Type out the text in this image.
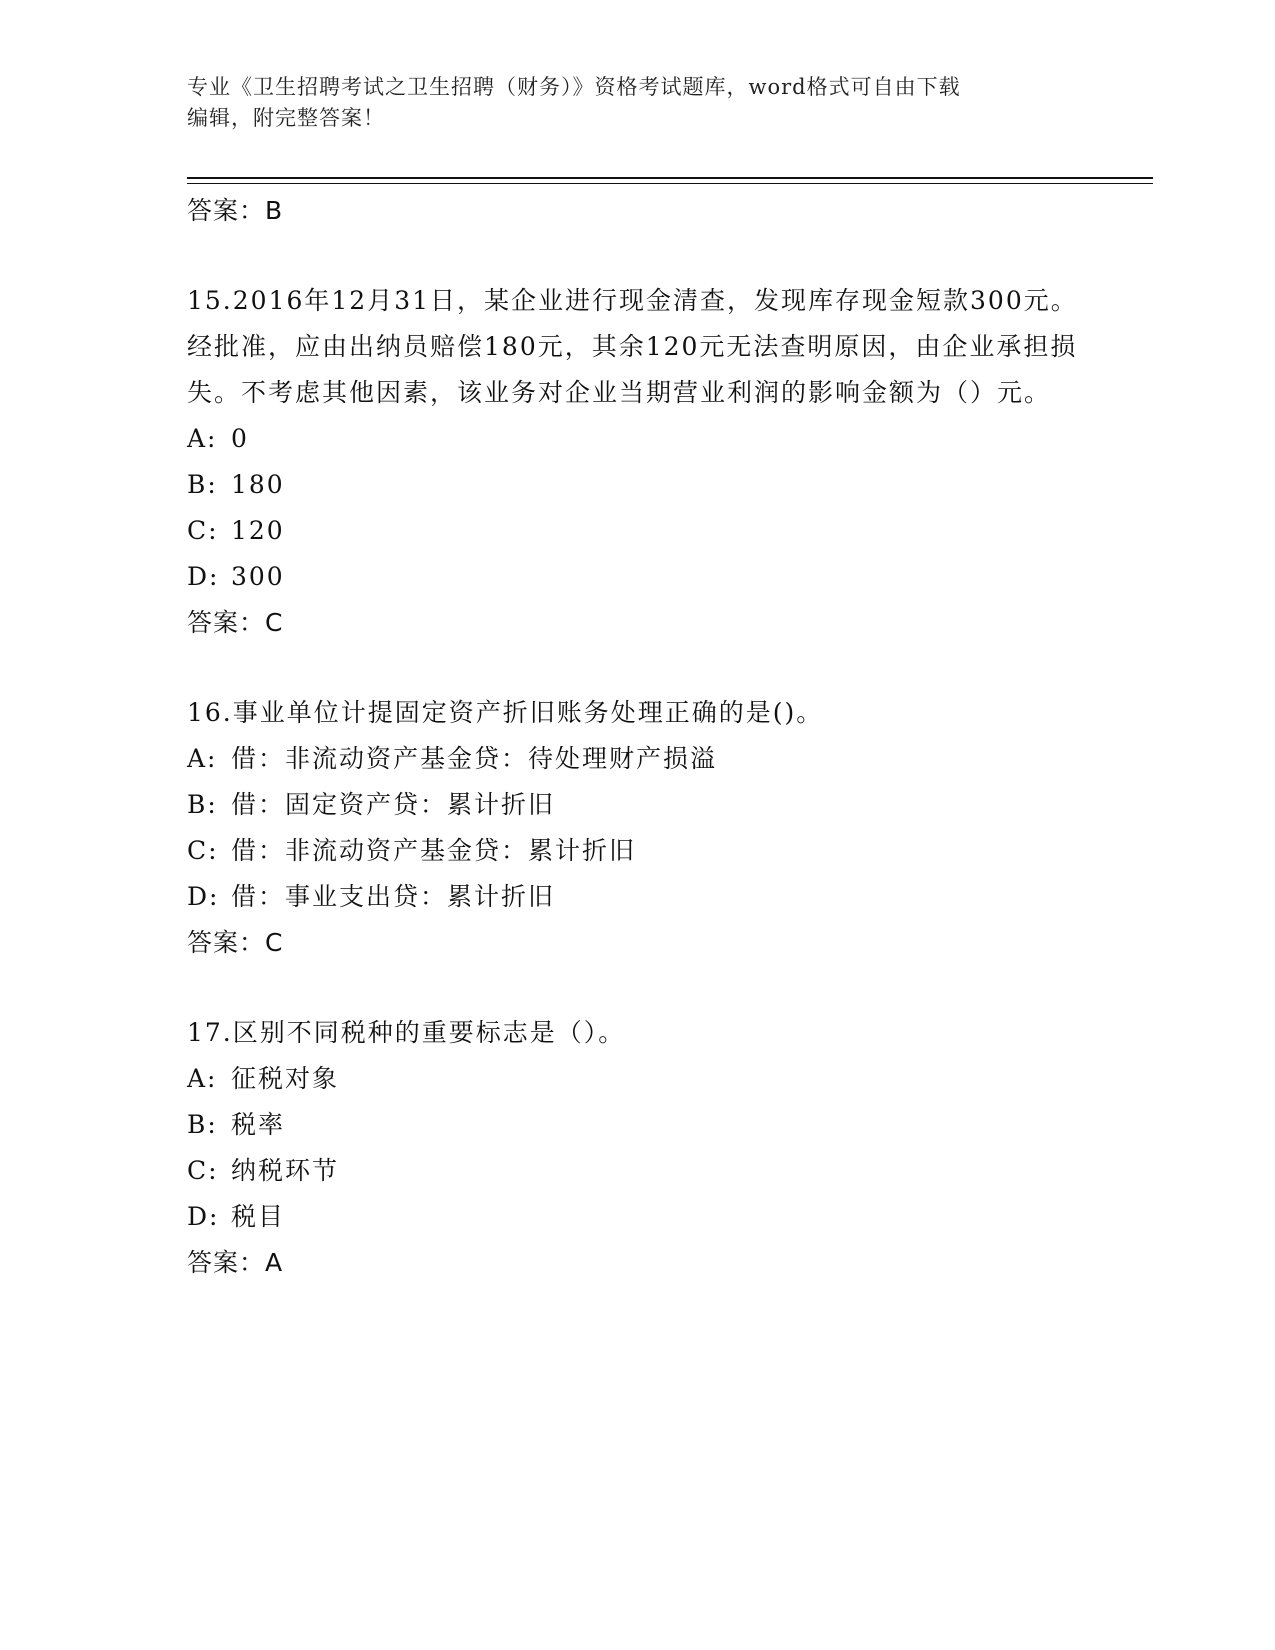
专业《卫生招聘考试之卫生招聘（财务）》资格考试题库，word格式可自由下载
编辑，附完整答案！
答案：B

15.2016年12月31日，某企业进行现金清查，发现库存现金短款300元。经批准，应由出纳员赔偿180元，其余120元无法查明原因，由企业承担损失。不考虑其他因素，该业务对企业当期营业利润的影响金额为（）元。

A: 0
B: 180
C: 120
D: 300
答案：C

16.事业单位计提固定资产折旧账务处理正确的是()。

A: 借：非流动资产基金贷：待处理财产损溢
B: 借：固定资产贷：累计折旧
C: 借：非流动资产基金贷：累计折旧
D: 借：事业支出贷：累计折旧
答案：C

17.区别不同税种的重要标志是（）。

A: 征税对象
B: 税率
C: 纳税环节
D: 税目
答案：A
